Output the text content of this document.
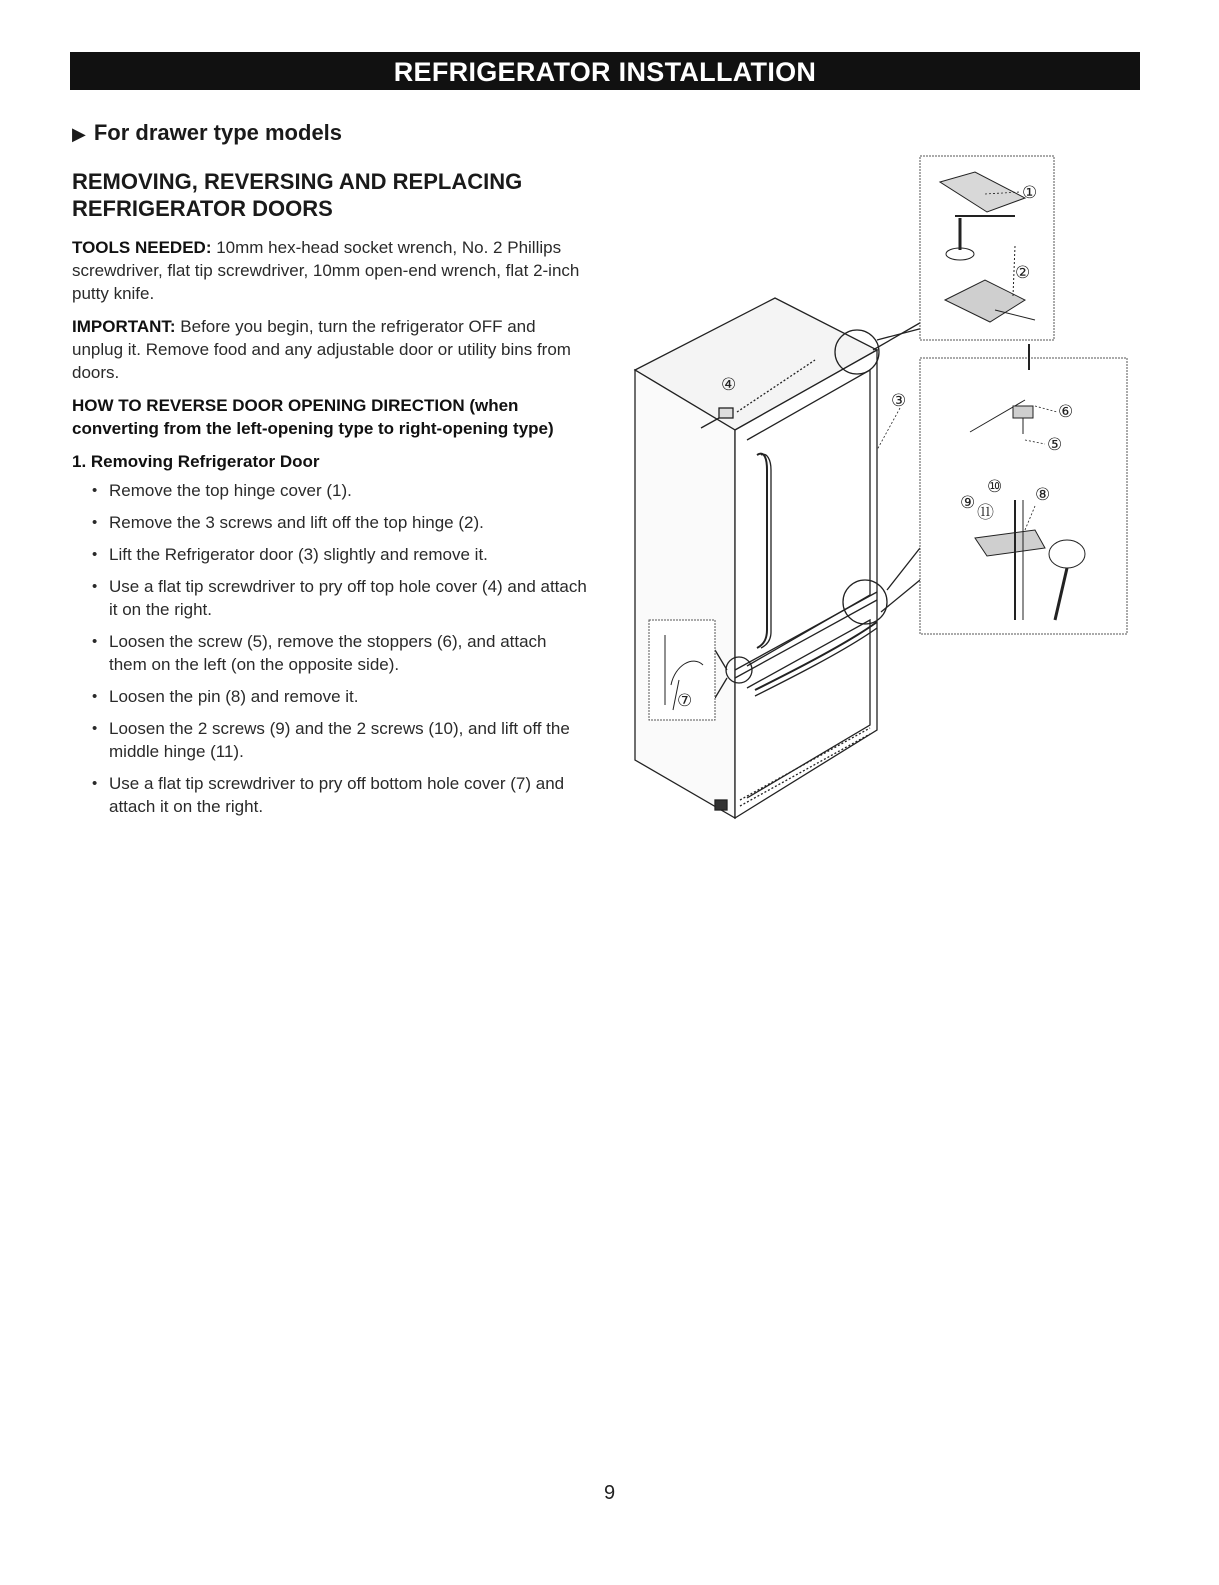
REFRIGERATOR INSTALLATION
▶ For drawer type models
REMOVING, REVERSING AND REPLACING
REFRIGERATOR DOORS

TOOLS NEEDED: 10mm hex-head socket wrench, No. 2 Phillips screwdriver, flat tip screwdriver, 10mm open-end wrench, flat 2-inch putty knife.

IMPORTANT: Before you begin, turn the refrigerator OFF and unplug it. Remove food and any adjustable door or utility bins from doors.

HOW TO REVERSE DOOR OPENING DIRECTION (when converting from the left-opening type to right-opening type)
1. Removing Refrigerator Door
• Remove the top hinge cover (1).
• Remove the 3 screws and lift off the top hinge (2).
• Lift the Refrigerator door (3) slightly and remove it.
• Use a flat tip screwdriver to pry off top hole cover (4) and attach it on the right.
• Loosen the screw (5), remove the stoppers (6), and attach them on the left (on the opposite side).
• Loosen the pin (8) and remove it.
• Loosen the 2 screws (9) and the 2 screws (10), and lift off the middle hinge (11).
• Use a flat tip screwdriver to pry off bottom hole cover (7) and attach it on the right.
①
②
③
④
⑤
⑥
⑦
⑧
⑨
⑩
⑪
9
